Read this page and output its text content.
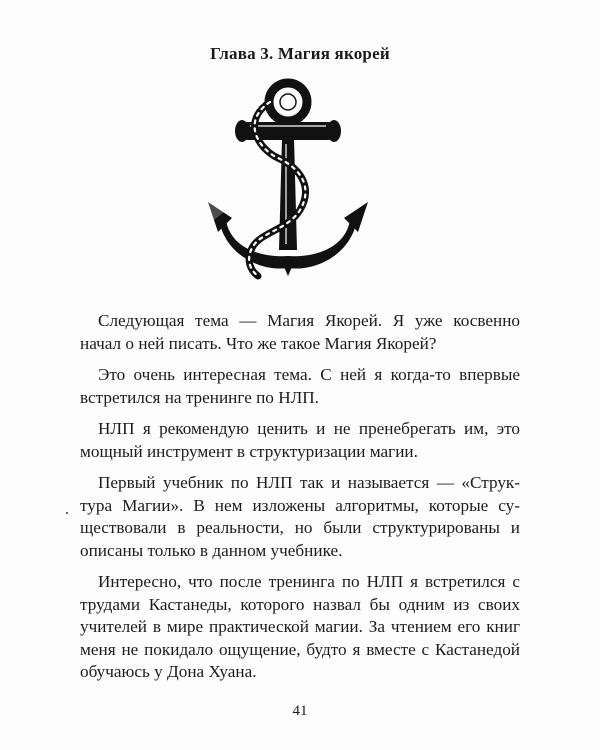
Глава 3. Магия якорей

Следующая тема — Магия Якорей. Я уже косвенно начал о ней писать. Что же такое Магия Якорей?

Это очень интересная тема. С ней я когда-то впервые встретился на тренинге по НЛП.

НЛП я рекомендую ценить и не пренебрегать им, это мощный инструмент в структуризации магии.

Первый учебник по НЛП так и называется — «Структура Магии». В нем изложены алгоритмы, которые существовали в реальности, но были структурированы и описаны только в данном учебнике.

Интересно, что после тренинга по НЛП я встретился с трудами Кастанеды, которого назвал бы одним из своих учителей в мире практической магии. За чтением его книг меня не покидало ощущение, будто я вместе с Кастанедой обучаюсь у Дона Хуана.

41
